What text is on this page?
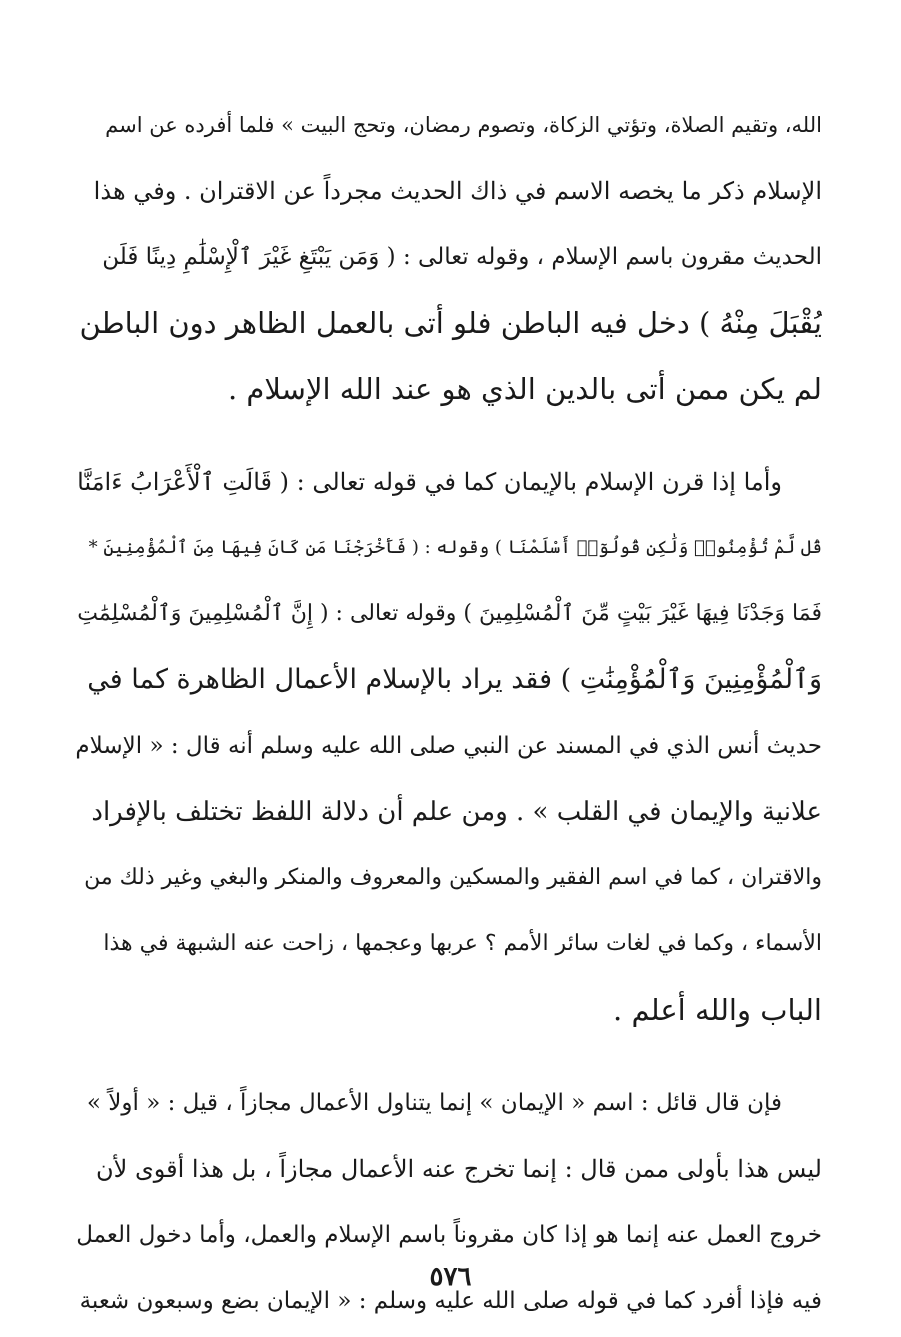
الله، وتقيم الصلاة، وتؤتي الزكاة، وتصوم رمضان، وتحج البيت » فلما أفرده عن اسم
الإسلام ذكر ما يخصه الاسم في ذاك الحديث مجرداً عن الاقتران . وفي هذا
الحديث مقرون باسم الإسلام ، وقوله تعالى : ( وَمَن يَبْتَغِ غَيْرَ ٱلْإِسْلَٰمِ دِينًا فَلَن
يُقْبَلَ مِنْهُ ) دخل فيه الباطن فلو أتى بالعمل الظاهر دون الباطن
لم يكن ممن أتى بالدين الذي هو عند الله الإسلام .
وأما إذا قرن الإسلام بالإيمان كما في قوله تعالى : ( قَالَتِ ٱلْأَعْرَابُ ءَامَنَّا
قُل لَّمْ تُؤْمِنُوا۟ وَلَٰكِن قُولُوٓا۟ أَسْلَمْنَا ) وقوله : ( فَأَخْرَجْنَا مَن كَانَ فِيهَا مِنَ ٱلْمُؤْمِنِينَ *
فَمَا وَجَدْنَا فِيهَا غَيْرَ بَيْتٍ مِّنَ ٱلْمُسْلِمِينَ ) وقوله تعالى : ( إِنَّ ٱلْمُسْلِمِينَ وَٱلْمُسْلِمَٰتِ
وَٱلْمُؤْمِنِينَ وَٱلْمُؤْمِنَٰتِ ) فقد يراد بالإسلام الأعمال الظاهرة كما في
حديث أنس الذي في المسند عن النبي صلى الله عليه وسلم أنه قال : « الإسلام
علانية والإيمان في القلب » . ومن علم أن دلالة اللفظ تختلف بالإفراد
والاقتران ، كما في اسم الفقير والمسكين والمعروف والمنكر والبغي وغير ذلك من
الأسماء ، وكما في لغات سائر الأمم ؟ عربها وعجمها ، زاحت عنه الشبهة في هذا
الباب والله أعلم .
فإن قال قائل : اسم « الإيمان » إنما يتناول الأعمال مجازاً ، قيل : « أولاً »
ليس هذا بأولى ممن قال : إنما تخرج عنه الأعمال مجازاً ، بل هذا أقوى لأن
خروج العمل عنه إنما هو إذا كان مقروناً باسم الإسلام والعمل، وأما دخول العمل
فيه فإذا أفرد كما في قوله صلى الله عليه وسلم : « الإيمان بضع وسبعون شعبة
٥٧٦
